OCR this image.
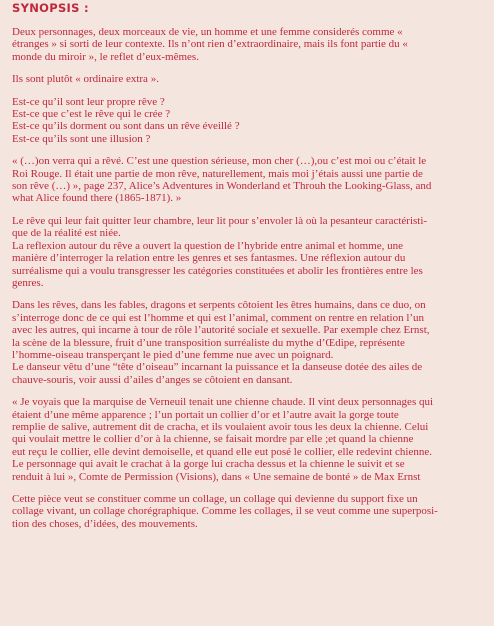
SYNOPSIS :
Deux personnages, deux morceaux de vie, un homme et une femme considerés comme «
étranges » si sorti de leur contexte. Ils n’ont rien d’extraordinaire, mais ils font partie du «
monde du miroir », le reflet d’eux-mêmes.
Ils sont plutôt « ordinaire extra ».
Est-ce qu’il sont leur propre rêve ?
Est-ce que c’est le rêve qui le crée ?
Est-ce qu’ils dorment ou sont dans un rêve éveillé ?
Est-ce qu’ils sont une illusion ?
« (…)on verra qui a rêvé. C’est une question sérieuse, mon cher (…),ou c’est moi ou c’était le
Roi Rouge. Il était une partie de mon rêve, naturellement, mais moi j’étais aussi une partie de
son rêve (…) », page 237, Alice’s Adventures in Wonderland et Throuh the Looking-Glass, and
what Alice found there (1865-1871). »
Le rêve qui leur fait quitter leur chambre, leur lit pour s’envoler là où la pesanteur caractéristi-
que de la réalité est niée.
La reflexion autour du rêve a ouvert la question de l’hybride entre animal et homme, une
manière d’interroger la relation entre les genres et ses fantasmes. Une réflexion autour du
surréalisme qui a voulu transgresser les catégories constituées et abolir les frontières entre les
genres.
Dans les rêves, dans les fables, dragons et serpents côtoient les êtres humains, dans ce duo, on
s’interroge donc de ce qui est l’homme et qui est l’animal, comment on rentre en relation l’un
avec les autres, qui incarne à tour de rôle l’autorité sociale et sexuelle. Par exemple chez Ernst,
la scène de la blessure, fruit d’une transposition surréaliste du mythe d’Œdipe, représente
l’homme-oiseau transperçant le pied d’une femme nue avec un poignard.
Le danseur vêtu d’une “tête d’oiseau” incarnant la puissance et la danseuse dotée des ailes de
chauve-souris, voir aussi d’ailes d’anges se côtoient en dansant.
« Je voyais que la marquise de Verneuil tenait une chienne chaude. Il vint deux personnages qui
étaient d’une même apparence ; l’un portait un collier d’or et l’autre avait la gorge toute
remplie de salive, autrement dit de cracha, et ils voulaient avoir tous les deux la chienne. Celui
qui voulait mettre le collier d’or à la chienne, se faisait mordre par elle ;et quand la chienne
eut reçu le collier, elle devint demoiselle, et quand elle eut posé le collier, elle redevint chienne.
Le personnage qui avait le crachat à la gorge lui cracha dessus et la chienne le suivit et se
renduit à lui », Comte de Permission (Visions), dans « Une semaine de bonté » de Max Ernst
Cette pièce veut se constituer comme un collage, un collage qui devienne du support fixe un
collage vivant, un collage chorégraphique. Comme les collages, il se veut comme une superposi-
tion des choses, d’idées, des mouvements.
